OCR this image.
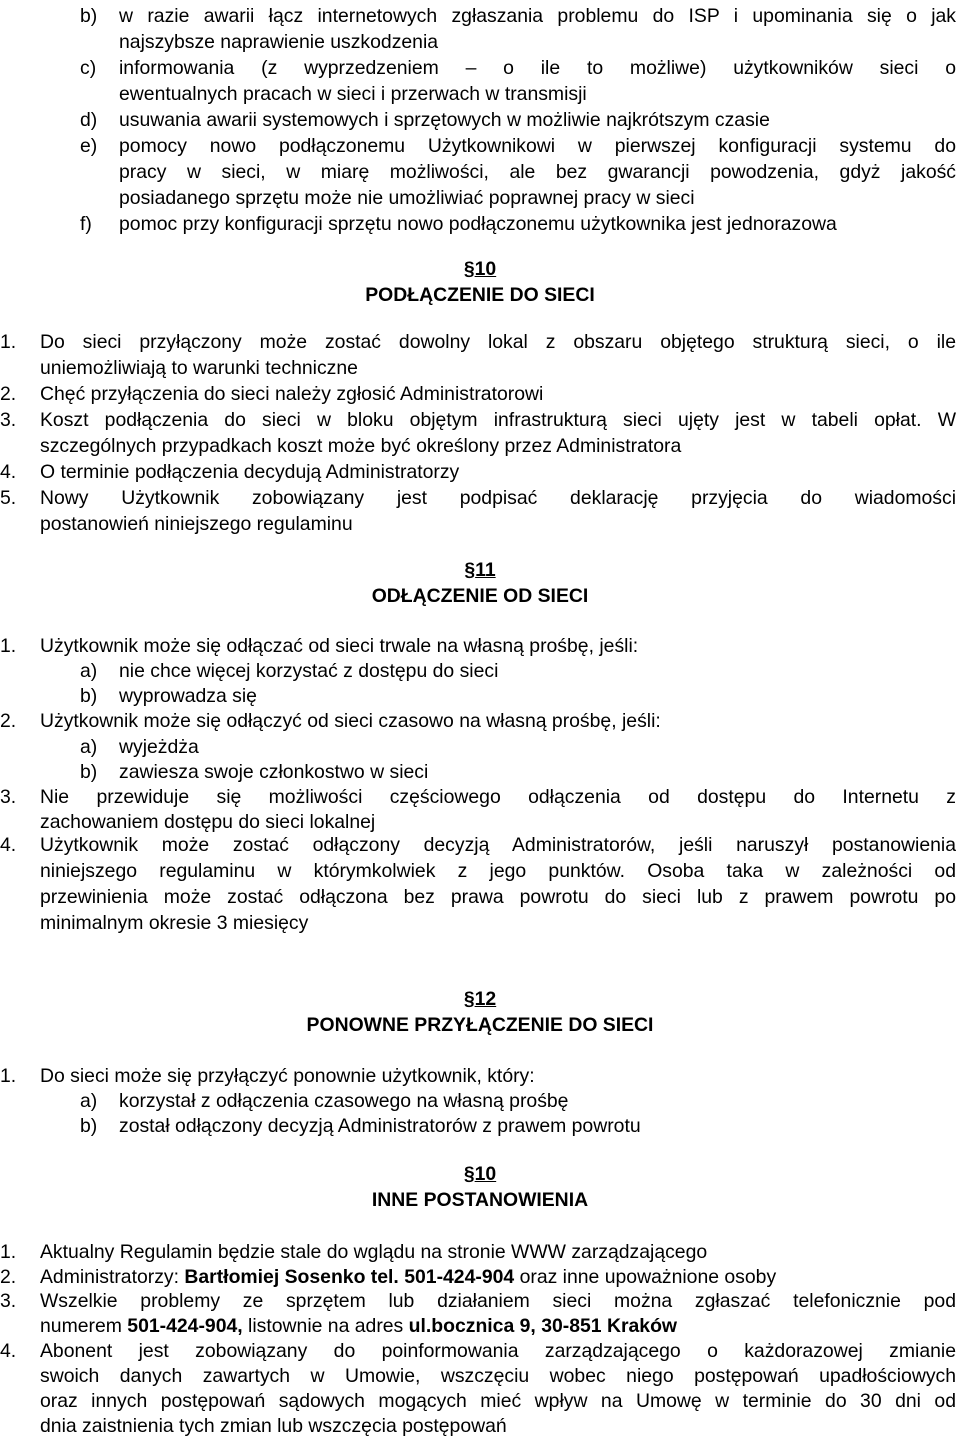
b) w razie awarii łącz internetowych zgłaszania problemu do ISP i upominania się o jak
najszybsze naprawienie uszkodzenia
c) informowania (z wyprzedzeniem – o ile to możliwe) użytkowników sieci o
ewentualnych pracach w sieci i przerwach w transmisji
d) usuwania awarii systemowych i sprzętowych w możliwie najkrótszym czasie
e) pomocy nowo podłączonemu Użytkownikowi w pierwszej konfiguracji systemu do
pracy w sieci, w miarę możliwości, ale bez gwarancji powodzenia, gdyż jakość
posiadanego sprzętu może nie umożliwiać poprawnej pracy w sieci
f) pomoc przy konfiguracji sprzętu nowo podłączonemu użytkownika jest jednorazowa
§10
PODŁĄCZENIE DO SIECI
1. Do sieci przyłączony może zostać dowolny lokal z obszaru objętego strukturą sieci, o ile
uniemożliwiają to warunki techniczne
2. Chęć przyłączenia do sieci należy zgłosić Administratorowi
3. Koszt podłączenia do sieci w bloku objętym infrastrukturą sieci ujęty jest w tabeli opłat. W
szczególnych przypadkach koszt może być określony przez Administratora
4. O terminie podłączenia decydują Administratorzy
5. Nowy Użytkownik zobowiązany jest podpisać deklarację przyjęcia do wiadomości
postanowień niniejszego regulaminu
§11
ODŁĄCZENIE OD SIECI
1. Użytkownik może się odłączać od sieci trwale na własną prośbę, jeśli:
a) nie chce więcej korzystać z dostępu do sieci
b) wyprowadza się
2. Użytkownik może się odłączyć od sieci czasowo na własną prośbę, jeśli:
a) wyjeżdża
b) zawiesza swoje członkostwo w sieci
3. Nie przewiduje się możliwości częściowego odłączenia od dostępu do Internetu z
zachowaniem dostępu do sieci lokalnej
4. Użytkownik może zostać odłączony decyzją Administratorów, jeśli naruszył postanowienia
niniejszego regulaminu w którymkolwiek z jego punktów. Osoba taka w zależności od
przewinienia może zostać odłączona bez prawa powrotu do sieci lub z prawem powrotu po
minimalnym okresie 3 miesięcy
§12
PONOWNE PRZYŁĄCZENIE DO SIECI
1. Do sieci może się przyłączyć ponownie użytkownik, który:
a) korzystał z odłączenia czasowego na własną prośbę
b) został odłączony decyzją Administratorów z prawem powrotu
§10
INNE POSTANOWIENIA
1. Aktualny Regulamin będzie stale do wglądu na stronie WWW zarządzającego
2. Administratorzy: Bartłomiej Sosenko tel. 501-424-904 oraz inne upoważnione osoby
3. Wszelkie problemy ze sprzętem lub działaniem sieci można zgłaszać telefonicznie pod
numerem 501-424-904, listownie na adres ul.bocznica 9, 30-851 Kraków
4. Abonent jest zobowiązany do poinformowania zarządzającego o każdorazowej zmianie
swoich danych zawartych w Umowie, wszczęciu wobec niego postępowań upadłościowych
oraz innych postępowań sądowych mogących mieć wpływ na Umowę w terminie do 30 dni od
dnia zaistnienia tych zmian lub wszczęcia postępowań
